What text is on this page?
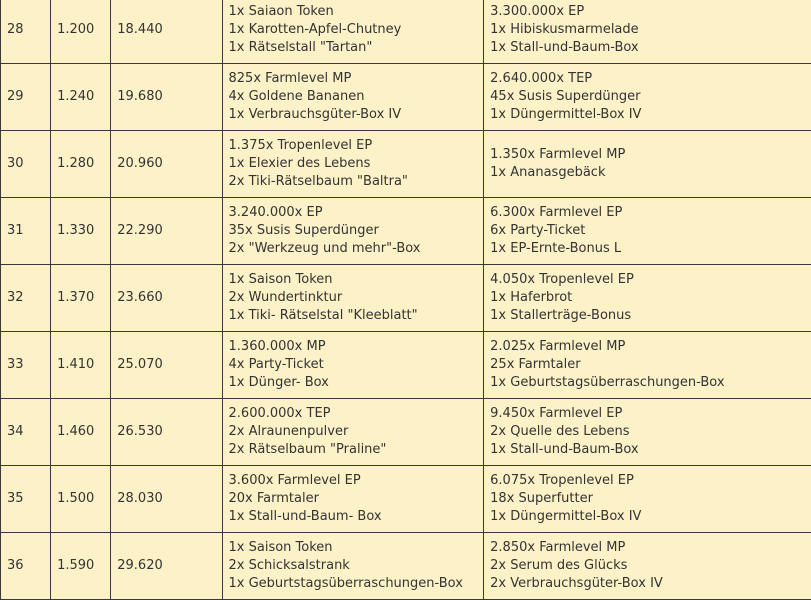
28	1.200	18.440	1x Saiaon Token
1x Karotten-Apfel-Chutney
1x Rätselstall "Tartan"	3.300.000x EP
1x Hibiskusmarmelade
1x Stall-und-Baum-Box

29	1.240	19.680	825x Farmlevel MP
4x Goldene Bananen
1x Verbrauchsgüter-Box IV	2.640.000x TEP
45x Susis Superdünger
1x Düngermittel-Box IV

30	1.280	20.960	1.375x Tropenlevel EP
1x Elexier des Lebens
2x Tiki-Rätselbaum "Baltra"	1.350x Farmlevel MP
1x Ananasgebäck

31	1.330	22.290	3.240.000x EP
35x Susis Superdünger
2x "Werkzeug und mehr"-Box	6.300x Farmlevel EP
6x Party-Ticket
1x EP-Ernte-Bonus L

32	1.370	23.660	1x Saison Token
2x Wundertinktur
1x Tiki- Rätselstal "Kleeblatt"	4.050x Tropenlevel EP
1x Haferbrot
1x Stallerträge-Bonus

33	1.410	25.070	1.360.000x MP
4x Party-Ticket
1x Dünger- Box	2.025x Farmlevel MP
25x Farmtaler
1x Geburtstagsüberraschungen-Box

34	1.460	26.530	2.600.000x TEP
2x Alraunenpulver
2x Rätselbaum "Praline"	9.450x Farmlevel EP
2x Quelle des Lebens
1x Stall-und-Baum-Box

35	1.500	28.030	3.600x Farmlevel EP
20x Farmtaler
1x Stall-und-Baum- Box	6.075x Tropenlevel EP
18x Superfutter
1x Düngermittel-Box IV

36	1.590	29.620	1x Saison Token
2x Schicksalstrank
1x Geburtstagsüberraschungen-Box	2.850x Farmlevel MP
2x Serum des Glücks
2x Verbrauchsgüter-Box IV
